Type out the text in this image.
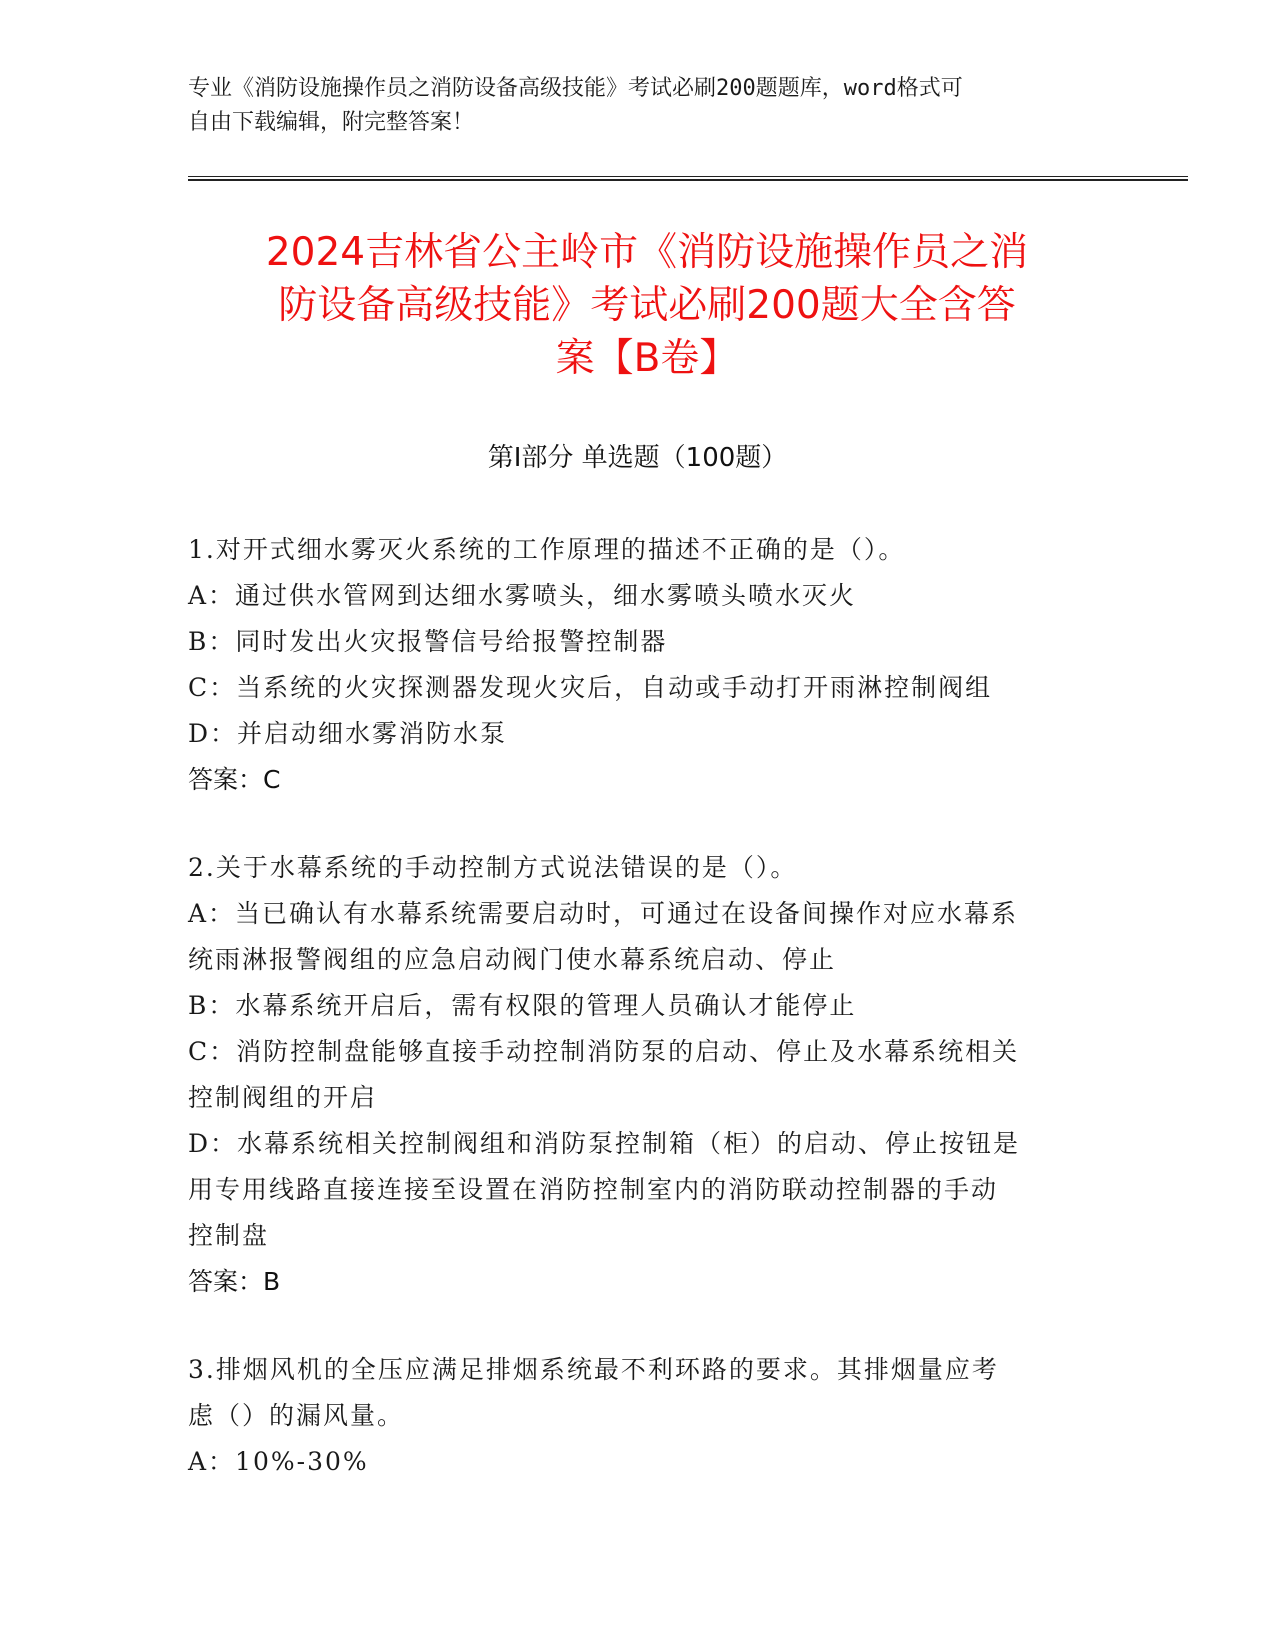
专业《消防设施操作员之消防设备高级技能》考试必刷200题题库，word格式可
自由下载编辑，附完整答案！
2024吉林省公主岭市《消防设施操作员之消
防设备高级技能》考试必刷200题大全含答
案【B卷】
第I部分 单选题（100题）

1.对开式细水雾灭火系统的工作原理的描述不正确的是（）。

A：通过供水管网到达细水雾喷头，细水雾喷头喷水灭火

B：同时发出火灾报警信号给报警控制器

C：当系统的火灾探测器发现火灾后，自动或手动打开雨淋控制阀组

D：并启动细水雾消防水泵

答案：C

2.关于水幕系统的手动控制方式说法错误的是（）。

A：当已确认有水幕系统需要启动时，可通过在设备间操作对应水幕系

统雨淋报警阀组的应急启动阀门使水幕系统启动、停止

B：水幕系统开启后，需有权限的管理人员确认才能停止

C：消防控制盘能够直接手动控制消防泵的启动、停止及水幕系统相关

控制阀组的开启

D：水幕系统相关控制阀组和消防泵控制箱（柜）的启动、停止按钮是

用专用线路直接连接至设置在消防控制室内的消防联动控制器的手动

控制盘

答案：B

3.排烟风机的全压应满足排烟系统最不利环路的要求。其排烟量应考

虑（）的漏风量。

A：10%-30%
